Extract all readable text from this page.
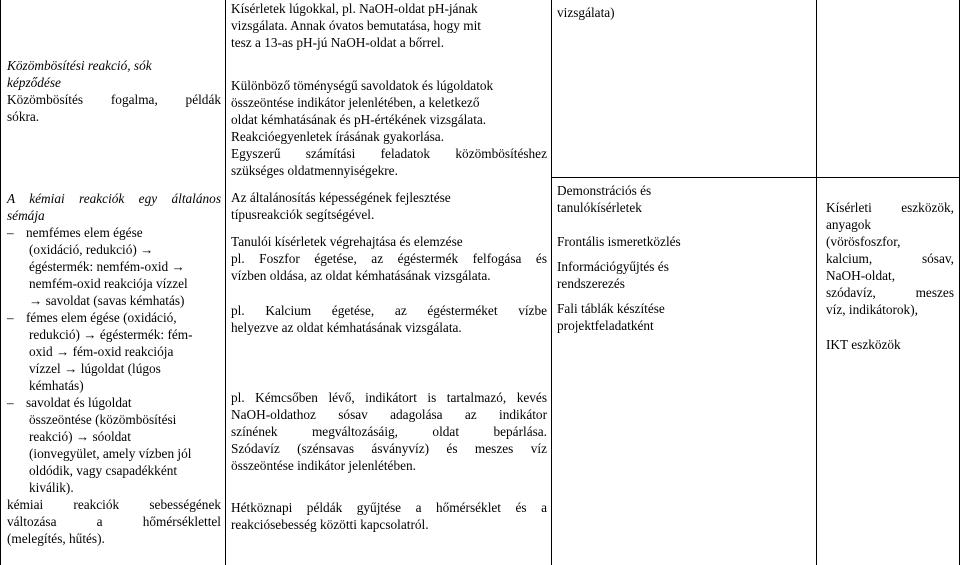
Közömbösítési reakció, sók

képződése

Közömbösítés fogalma, példák

sókra.

A kémiai reakciók egy általános

sémája

– nemfémes elem égése

(oxidáció, redukció) →

égéstermék: nemfém-oxid →

nemfém-oxid reakciója vízzel

→ savoldat (savas kémhatás)

– fémes elem égése (oxidáció,

redukció) → égéstermék: fém-

oxid → fém-oxid reakciója

vízzel → lúgoldat (lúgos

kémhatás)

– savoldat és lúgoldat

összeöntése (közömbösítési

reakció) → sóoldat

(ionvegyület, amely vízben jól

oldódik, vagy csapadékként

kiválik).

kémiai reakciók sebességének

változása a hőmérséklettel

(melegítés, hűtés).

Kísérletek lúgokkal, pl. NaOH-oldat pH-jának

vizsgálata. Annak óvatos bemutatása, hogy mit

tesz a 13-as pH-jú NaOH-oldat a bőrrel.

Különböző töménységű savoldatok és lúgoldatok

összeöntése indikátor jelenlétében, a keletkező

oldat kémhatásának és pH-értékének vizsgálata.

Reakcióegyenletek írásának gyakorlása.

Egyszerű számítási feladatok közömbösítéshez

szükséges oldatmennyiségekre.

Az általánosítás képességének fejlesztése

típusreakciók segítségével.

Tanulói kísérletek végrehajtása és elemzése

pl. Foszfor égetése, az égéstermék felfogása és

vízben oldása, az oldat kémhatásának vizsgálata.

pl. Kalcium égetése, az égésterméket vízbe

helyezve az oldat kémhatásának vizsgálata.

pl. Kémcsőben lévő, indikátort is tartalmazó, kevés

NaOH-oldathoz sósav adagolása az indikátor

színének megváltozásáig, oldat bepárlása.

Szódavíz (szénsavas ásványvíz) és meszes víz

összeöntése indikátor jelenlétében.

Hétköznapi példák gyűjtése a hőmérséklet és a

reakciósebesség közötti kapcsolatról.

vizsgálata)

Demonstrációs és

tanulókísérletek

Frontális ismeretközlés

Információgyűjtés és

rendszerezés

Fali táblák készítése

projektfeladatként

Kísérleti eszközök,

anyagok

(vörösfoszfor,

kalcium, sósav,

NaOH-oldat,

szódavíz, meszes

víz, indikátorok),

IKT eszközök
